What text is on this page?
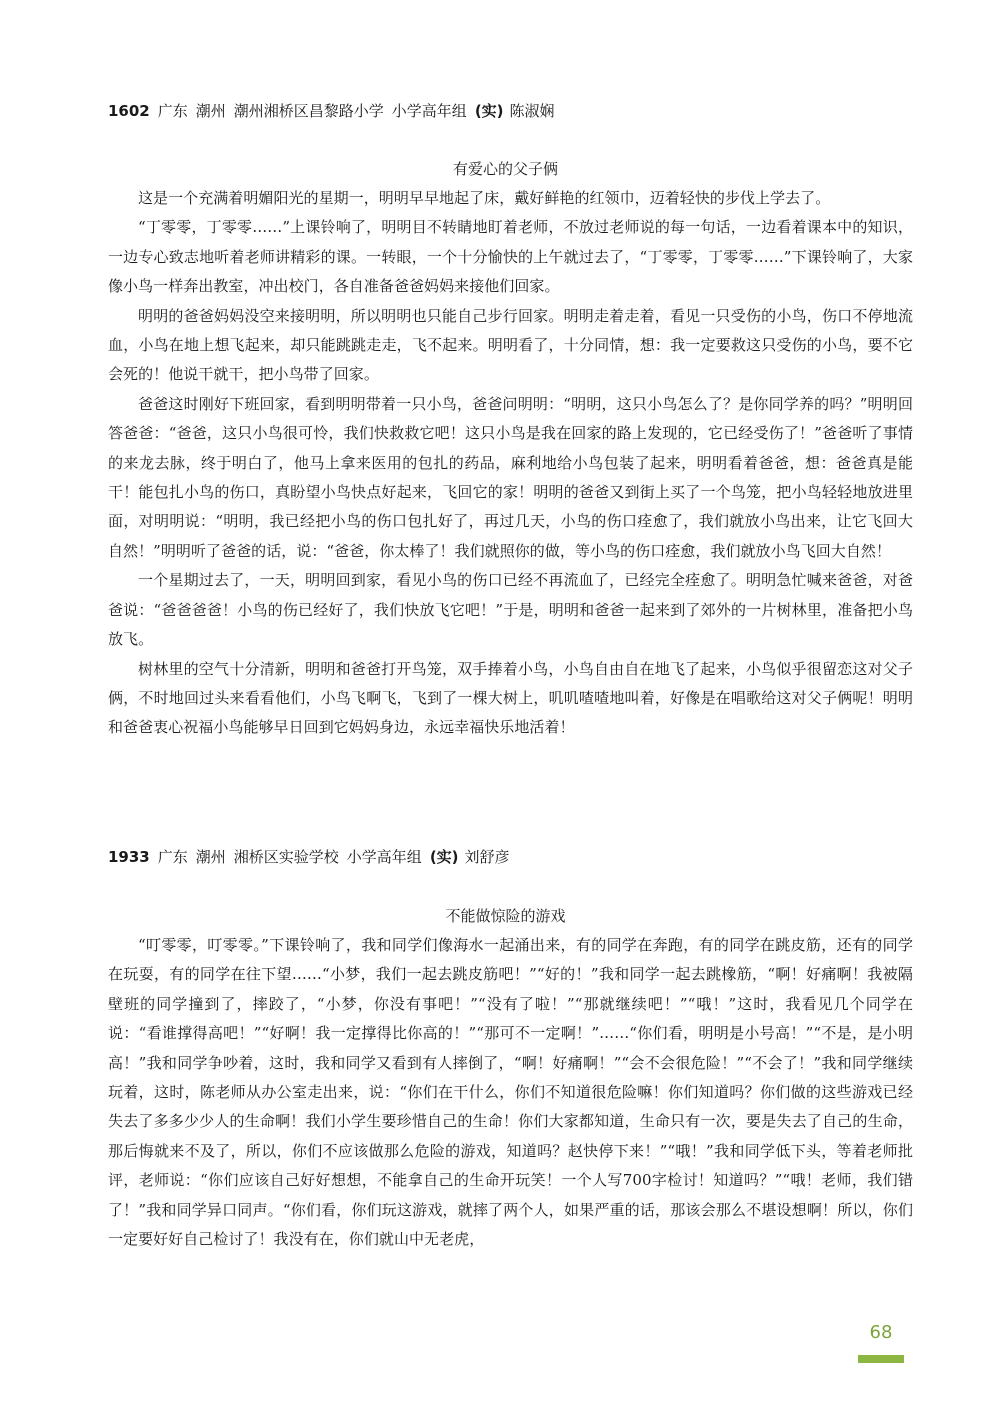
1602 广东 潮州 潮州湘桥区昌黎路小学 小学高年组 (实) 陈淑娴
有爱心的父子俩

这是一个充满着明媚阳光的星期一，明明早早地起了床，戴好鲜艳的红领巾，迈着轻快的步伐上学去了。

“丁零零，丁零零……”上课铃响了，明明目不转睛地盯着老师，不放过老师说的每一句话，一边看着课本中的知识，一边专心致志地听着老师讲精彩的课。一转眼，一个十分愉快的上午就过去了，“丁零零，丁零零……”下课铃响了，大家像小鸟一样奔出教室，冲出校门，各自准备爸爸妈妈来接他们回家。

明明的爸爸妈妈没空来接明明，所以明明也只能自己步行回家。明明走着走着，看见一只受伤的小鸟，伤口不停地流血，小鸟在地上想飞起来，却只能跳跳走走，飞不起来。明明看了，十分同情，想：我一定要救这只受伤的小鸟，要不它会死的！他说干就干，把小鸟带了回家。

爸爸这时刚好下班回家，看到明明带着一只小鸟，爸爸问明明：“明明，这只小鸟怎么了？是你同学养的吗？”明明回答爸爸：“爸爸，这只小鸟很可怜，我们快救救它吧！这只小鸟是我在回家的路上发现的，它已经受伤了！”爸爸听了事情的来龙去脉，终于明白了，他马上拿来医用的包扎的药品，麻利地给小鸟包装了起来，明明看着爸爸，想：爸爸真是能干！能包扎小鸟的伤口，真盼望小鸟快点好起来，飞回它的家！明明的爸爸又到街上买了一个鸟笼，把小鸟轻轻地放进里面，对明明说：“明明，我已经把小鸟的伤口包扎好了，再过几天，小鸟的伤口痊愈了，我们就放小鸟出来，让它飞回大自然！”明明听了爸爸的话，说：“爸爸，你太棒了！我们就照你的做，等小鸟的伤口痊愈，我们就放小鸟飞回大自然！

一个星期过去了，一天，明明回到家，看见小鸟的伤口已经不再流血了，已经完全痊愈了。明明急忙喊来爸爸，对爸爸说：“爸爸爸爸！小鸟的伤已经好了，我们快放飞它吧！”于是，明明和爸爸一起来到了郊外的一片树林里，准备把小鸟放飞。

树林里的空气十分清新，明明和爸爸打开鸟笼，双手捧着小鸟，小鸟自由自在地飞了起来，小鸟似乎很留恋这对父子俩，不时地回过头来看看他们，小鸟飞啊飞，飞到了一棵大树上，叽叽喳喳地叫着，好像是在唱歌给这对父子俩呢！明明和爸爸衷心祝福小鸟能够早日回到它妈妈身边，永远幸福快乐地活着！

1933 广东 潮州 湘桥区实验学校 小学高年组 (实) 刘舒彦
不能做惊险的游戏

“叮零零，叮零零。”下课铃响了，我和同学们像海水一起涌出来，有的同学在奔跑，有的同学在跳皮筋，还有的同学在玩耍，有的同学在往下望……“小梦，我们一起去跳皮筋吧！”“好的！”我和同学一起去跳橡筋，“啊！好痛啊！我被隔壁班的同学撞到了，摔跤了，“小梦，你没有事吧！”“没有了啦！”“那就继续吧！”“哦！”这时，我看见几个同学在说：“看谁撑得高吧！”“好啊！我一定撑得比你高的！”“那可不一定啊！”……“你们看，明明是小号高！”“不是，是小明高！”我和同学争吵着，这时，我和同学又看到有人摔倒了，“啊！好痛啊！”“会不会很危险！”“不会了！”我和同学继续玩着，这时，陈老师从办公室走出来，说：“你们在干什么，你们不知道很危险嘛！你们知道吗？你们做的这些游戏已经失去了多多少少人的生命啊！我们小学生要珍惜自己的生命！你们大家都知道，生命只有一次，要是失去了自己的生命，那后悔就来不及了，所以，你们不应该做那么危险的游戏，知道吗？赵快停下来！”“哦！”我和同学低下头，等着老师批评，老师说：“你们应该自己好好想想，不能拿自己的生命开玩笑！一个人写700字检讨！知道吗？”“哦！老师，我们错了！”我和同学异口同声。“你们看，你们玩这游戏，就摔了两个人，如果严重的话，那该会那么不堪设想啊！所以，你们一定要好好自己检讨了！我没有在，你们就山中无老虎，

68
